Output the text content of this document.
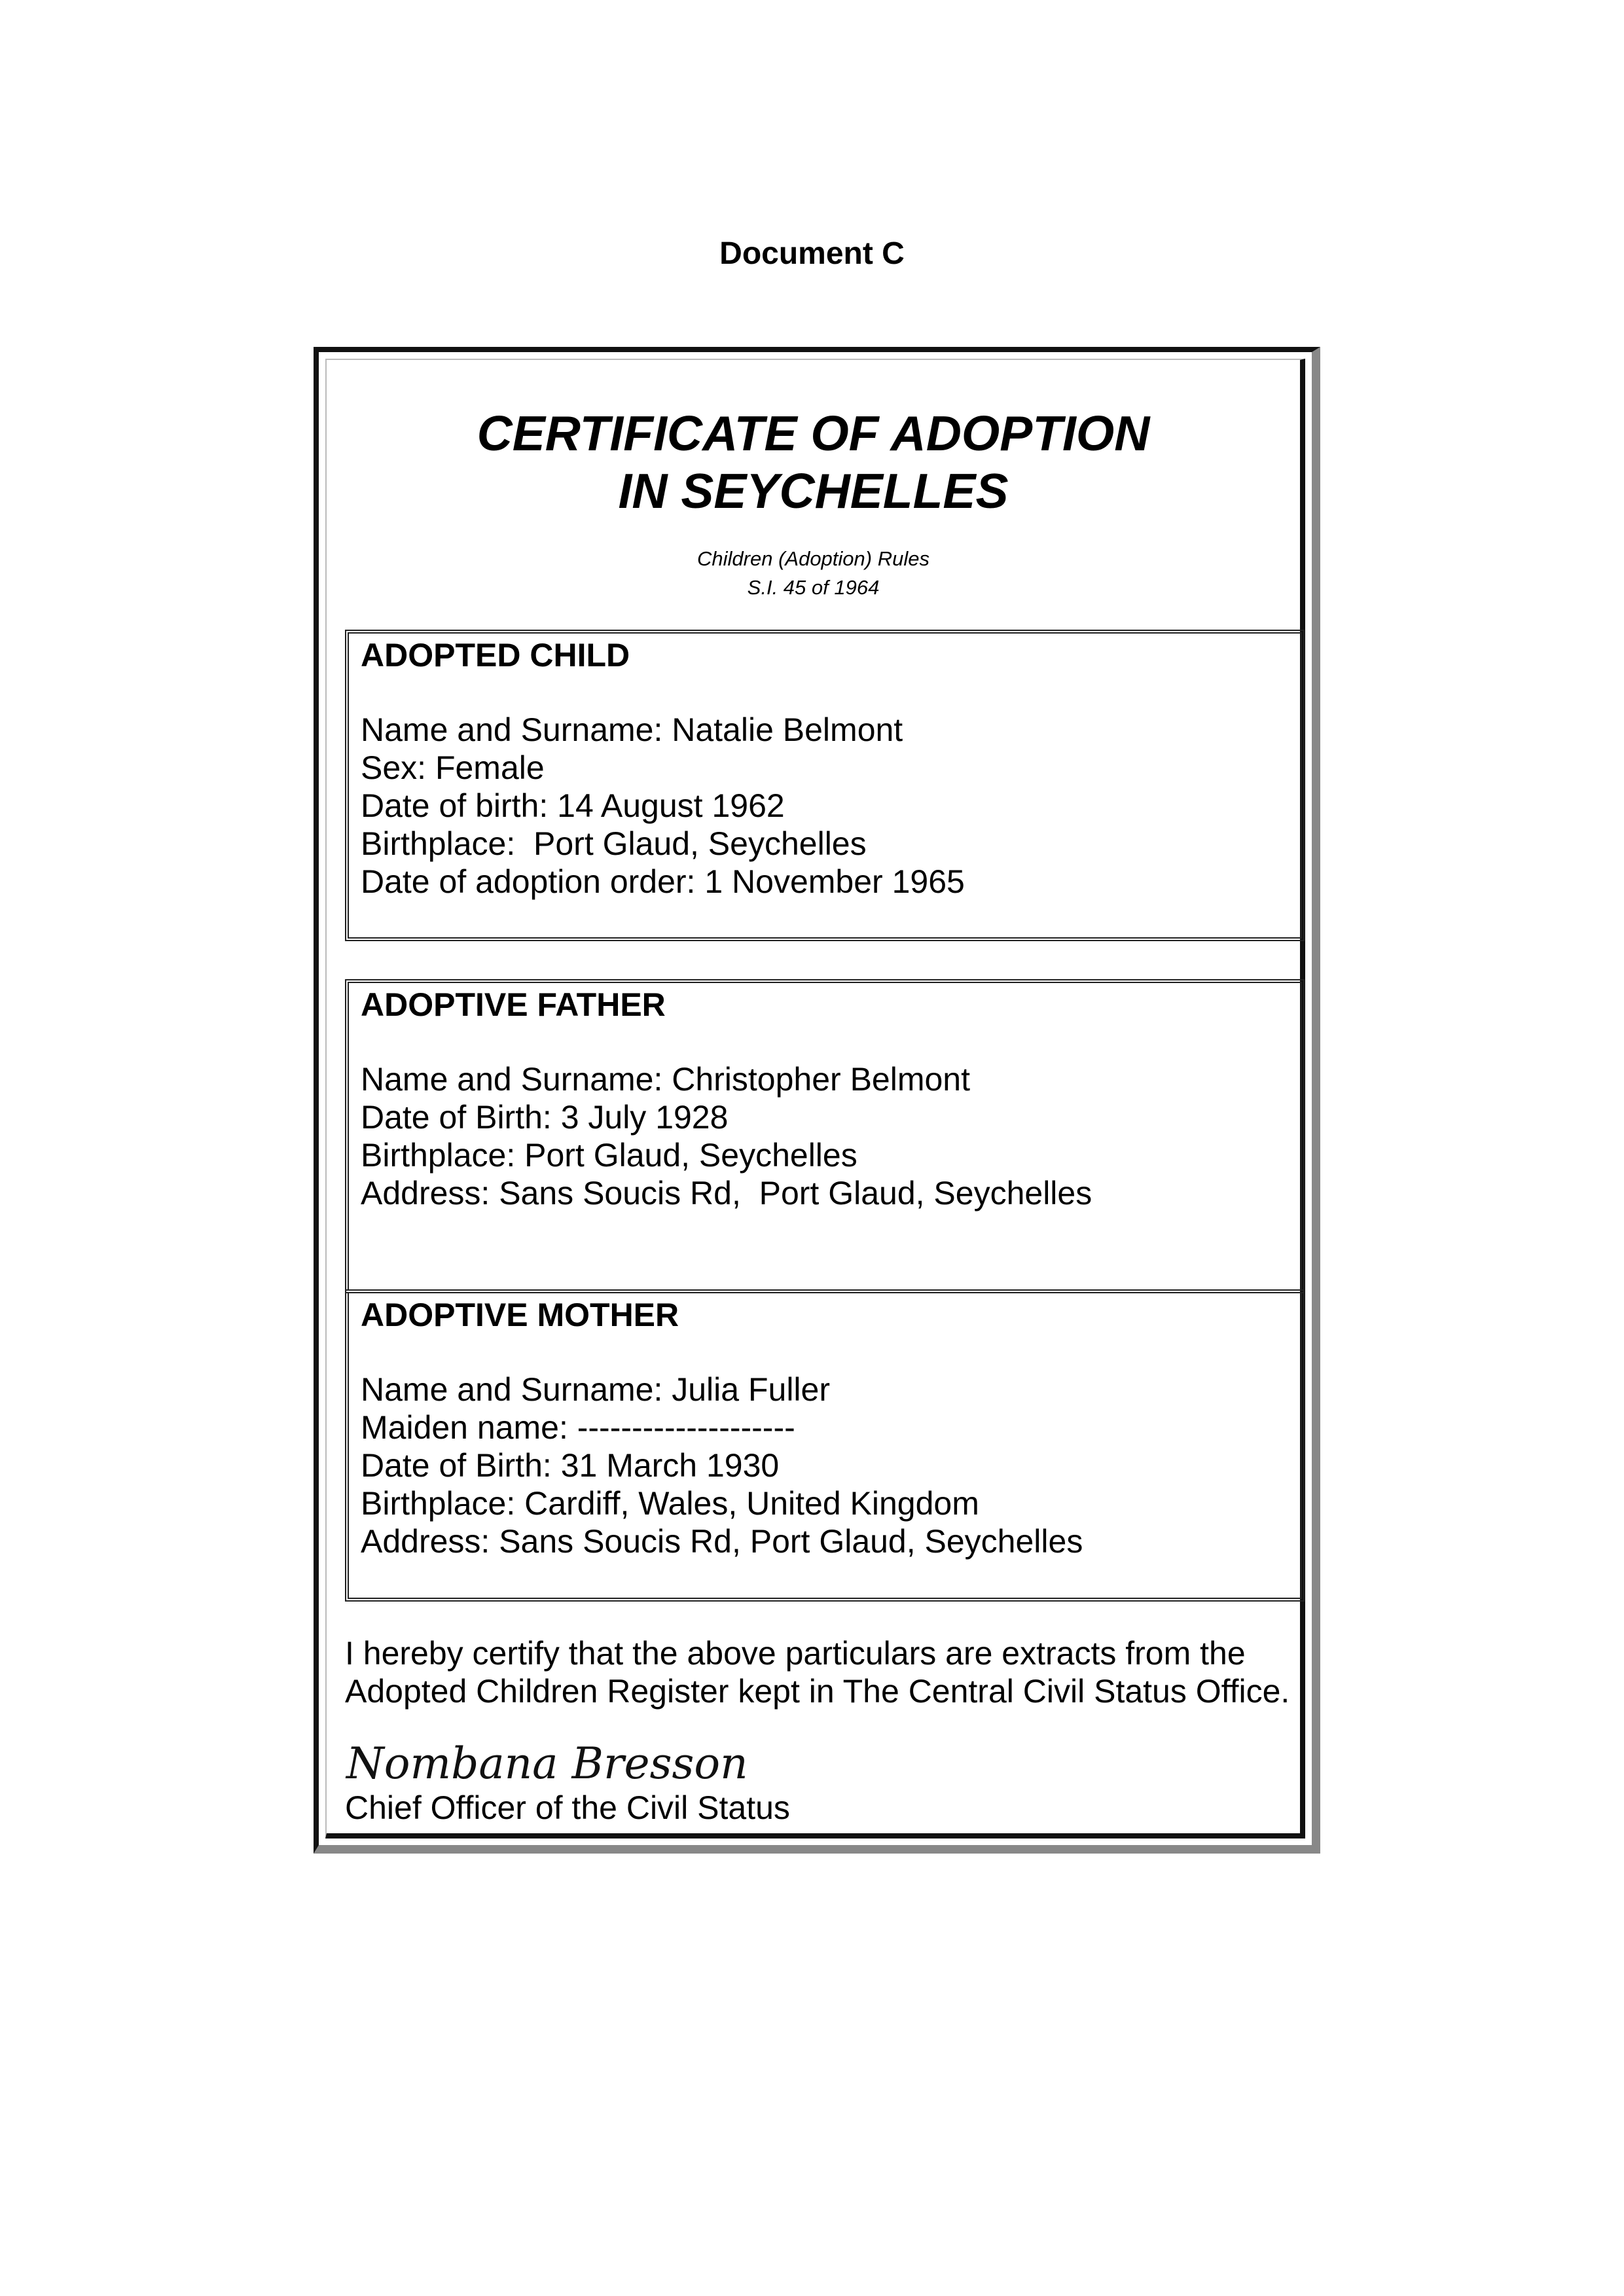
Document C
CERTIFICATE OF ADOPTION
IN SEYCHELLES
Children (Adoption) Rules
S.I. 45 of 1964
ADOPTED CHILD
Name and Surname: Natalie Belmont
Sex: Female
Date of birth: 14 August 1962
Birthplace:  Port Glaud, Seychelles
Date of adoption order: 1 November 1965
ADOPTIVE FATHER
Name and Surname: Christopher Belmont
Date of Birth: 3 July 1928
Birthplace: Port Glaud, Seychelles
Address: Sans Soucis Rd,  Port Glaud, Seychelles
ADOPTIVE MOTHER
Name and Surname: Julia Fuller
Maiden name: --------------------
Date of Birth: 31 March 1930
Birthplace: Cardiff, Wales, United Kingdom
Address: Sans Soucis Rd, Port Glaud, Seychelles
I hereby certify that the above particulars are extracts from the
Adopted Children Register kept in The Central Civil Status Office.
Nombana Bresson
Chief Officer of the Civil Status
